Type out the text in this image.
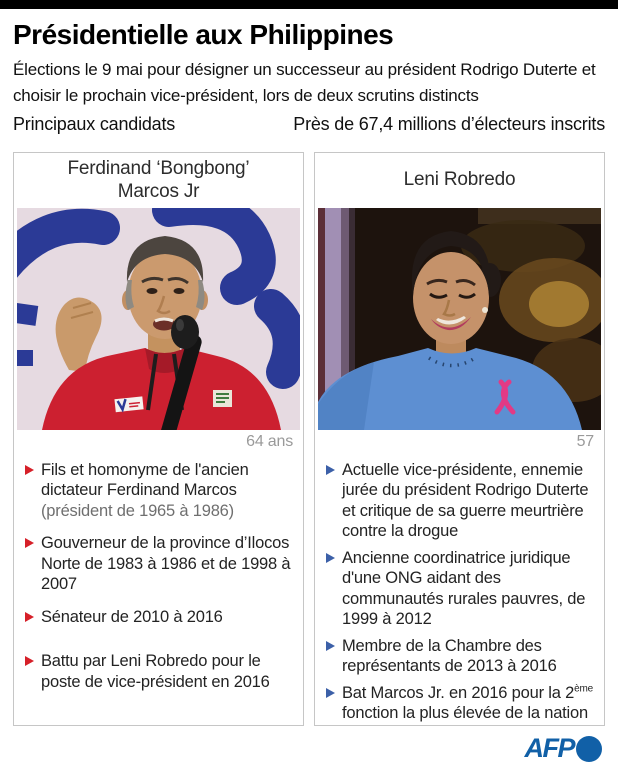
Présidentielle aux Philippines

Élections le 9 mai pour désigner un successeur au président Rodrigo Duterte et choisir le prochain vice-président, lors de deux scrutins distincts

Principaux candidats	Près de 67,4 millions d’électeurs inscrits
Ferdinand ‘Bongbong’
Marcos Jr
64 ans

Fils et homonyme de l'ancien dictateur Ferdinand Marcos
(président de 1965 à 1986)

Gouverneur de la province d’Ilocos Norte de 1983 à 1986 et de 1998 à 2007

Sénateur de 2010 à 2016

Battu par Leni Robredo pour le poste de vice-président en 2016

Leni Robredo
57

Actuelle vice-présidente, ennemie jurée du président Rodrigo Duterte et critique de sa guerre meurtrière contre la drogue

Ancienne coordinatrice juridique d'une ONG aidant des communautés rurales pauvres, de 1999 à 2012

Membre de la Chambre des représentants de 2013 à 2016

Bat Marcos Jr. en 2016 pour la 2ème fonction la plus élevée de la nation

AFP
